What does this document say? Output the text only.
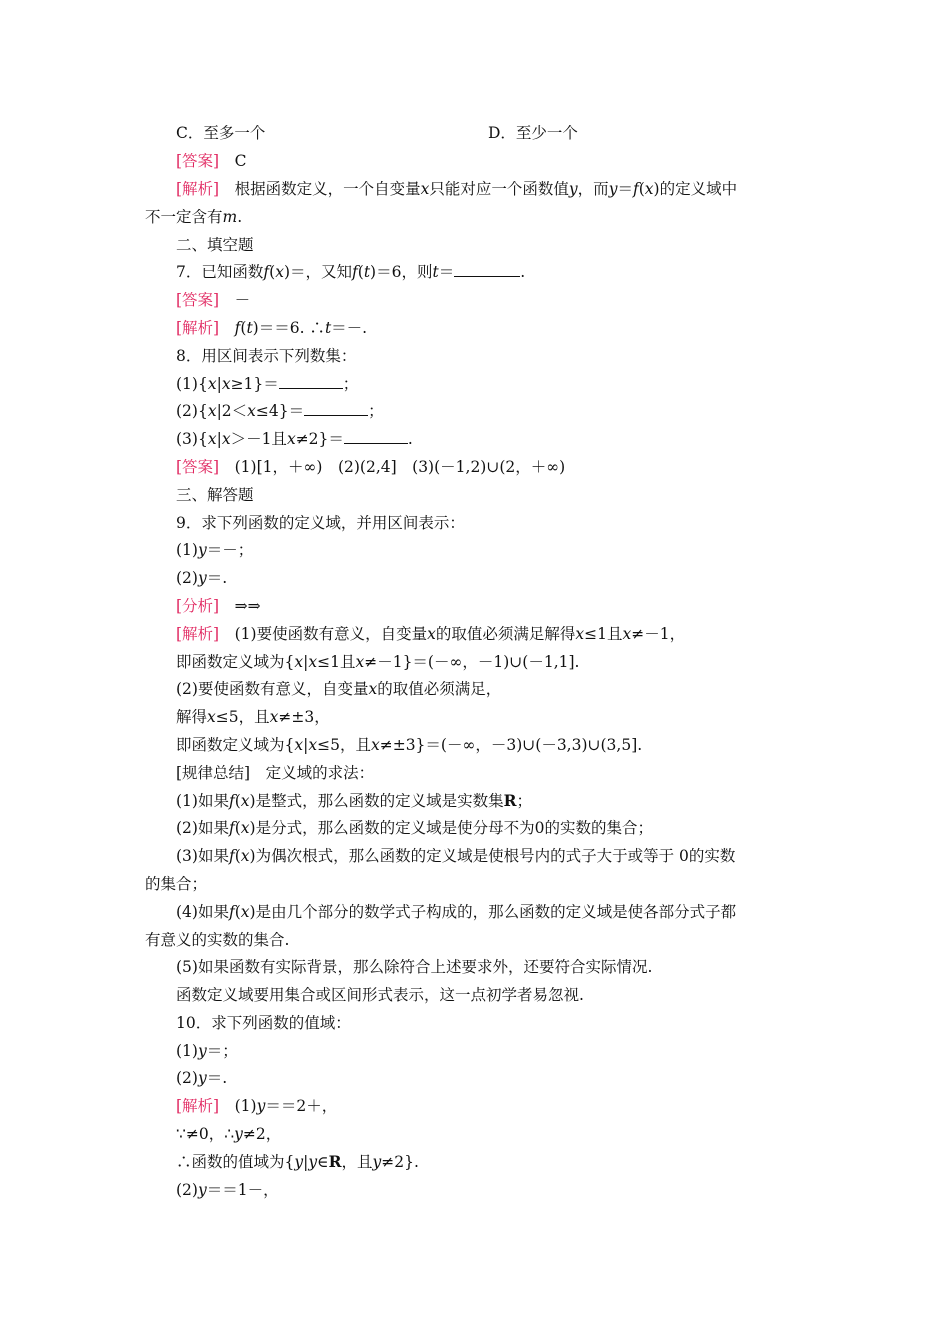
C．至多一个	D．至少一个
[答案]　 C
[解析]　 根据函数定义，一个自变量x只能对应一个函数值y，而y＝f(x)的定义域中
不一定含有m.
二、填空题
7．已知函数f(x)＝，又知f(t)＝6，则t＝	.
[答案]　 －
[解析]　 f(t)＝＝6. ∴t＝－.
8．用区间表示下列数集：
(1){x|x≥1}＝	；
(2){x|2＜x≤4}＝	；
(3){x|x＞－1且x≠2}＝	.
[答案]　 (1)[1，＋∞)　(2)(2,4]　(3)(－1,2)∪(2，＋∞)
三、解答题
9．求下列函数的定义域，并用区间表示：
(1)y＝－；
(2)y＝.
[分析]　 ⇒⇒
[解析]　 (1)要使函数有意义，自变量x的取值必须满足解得x≤1且x≠－1，
即函数定义域为{x|x≤1且x≠－1}＝(－∞，－1)∪(－1,1].
(2)要使函数有意义，自变量x的取值必须满足，
解得x≤5，且x≠±3，
即函数定义域为{x|x≤5，且x≠±3}＝(－∞，－3)∪(－3,3)∪(3,5].
[规律总结]　 定义域的求法：
(1)如果f(x)是整式，那么函数的定义域是实数集R；
(2)如果f(x)是分式，那么函数的定义域是使分母不为0的实数的集合；
(3)如果f(x)为偶次根式，那么函数的定义域是使根号内的式子大于或等于 0的实数
的集合；
(4)如果f(x)是由几个部分的数学式子构成的，那么函数的定义域是使各部分式子都
有意义的实数的集合.
(5)如果函数有实际背景，那么除符合上述要求外，还要符合实际情况.
函数定义域要用集合或区间形式表示，这一点初学者易忽视.
10．求下列函数的值域：
(1)y＝；
(2)y＝.
[解析]　 (1)y＝＝2＋，
∵≠0，∴y≠2，
∴函数的值域为{y|y∈R，且y≠2}.
(2)y＝＝1－，
